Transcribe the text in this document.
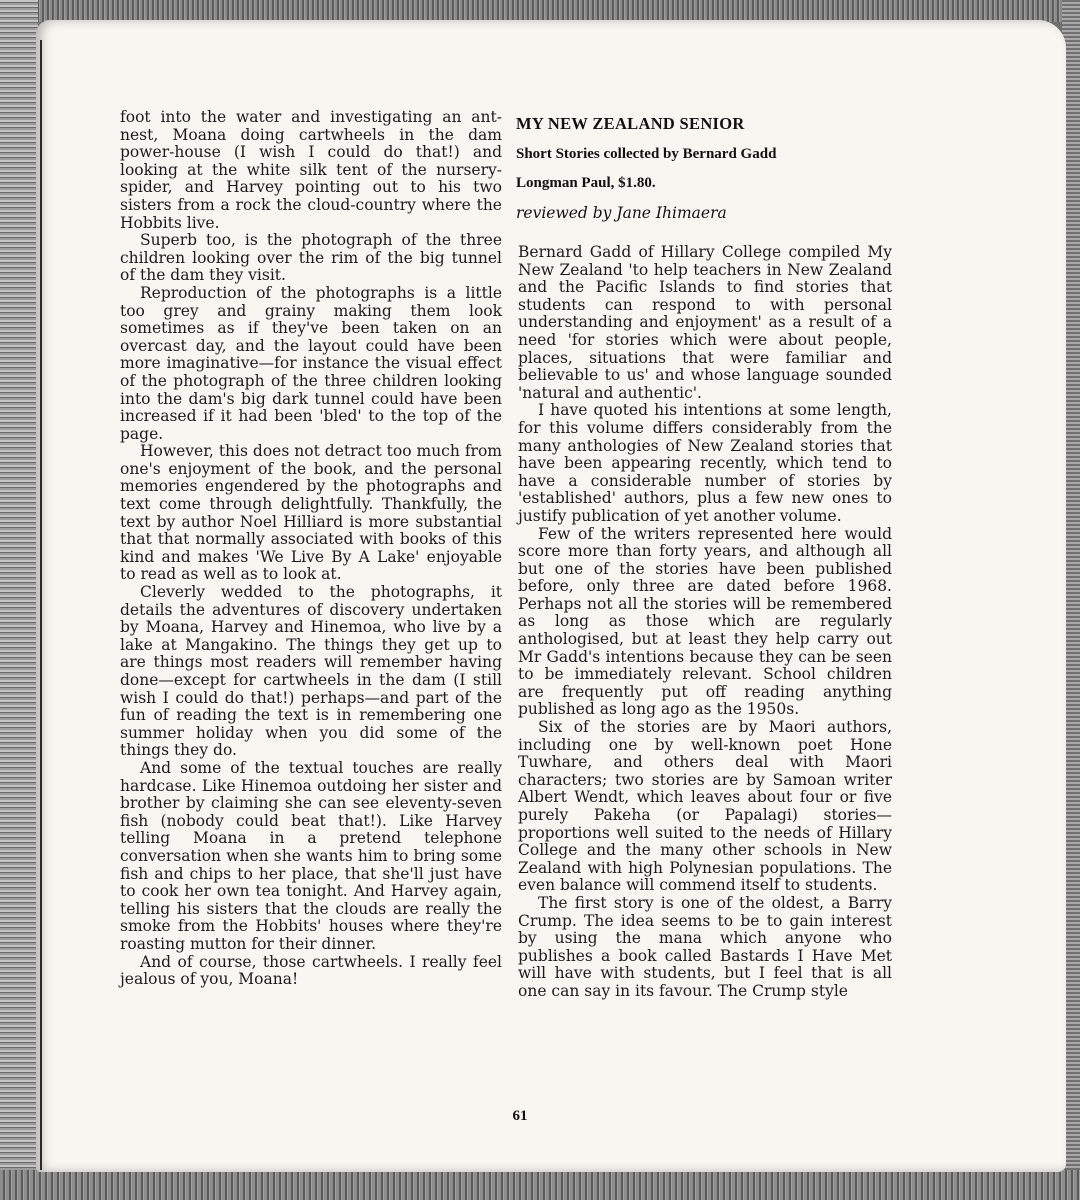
foot into the water and investigating an ant-nest, Moana doing cartwheels in the dam power-house (I wish I could do that!) and looking at the white silk tent of the nursery-spider, and Harvey pointing out to his two sisters from a rock the cloud-country where the Hobbits live.

Superb too, is the photograph of the three children looking over the rim of the big tunnel of the dam they visit.

Reproduction of the photographs is a little too grey and grainy making them look sometimes as if they've been taken on an overcast day, and the layout could have been more imaginative—for instance the visual effect of the photograph of the three children looking into the dam's big dark tunnel could have been increased if it had been 'bled' to the top of the page.

However, this does not detract too much from one's enjoyment of the book, and the personal memories engendered by the photographs and text come through delightfully. Thankfully, the text by author Noel Hilliard is more substantial that that normally associated with books of this kind and makes 'We Live By A Lake' enjoyable to read as well as to look at.

Cleverly wedded to the photographs, it details the adventures of discovery undertaken by Moana, Harvey and Hinemoa, who live by a lake at Mangakino. The things they get up to are things most readers will remember having done—except for cartwheels in the dam (I still wish I could do that!) perhaps—and part of the fun of reading the text is in remembering one summer holiday when you did some of the things they do.

And some of the textual touches are really hardcase. Like Hinemoa outdoing her sister and brother by claiming she can see eleventy-seven fish (nobody could beat that!). Like Harvey telling Moana in a pretend telephone conversation when she wants him to bring some fish and chips to her place, that she'll just have to cook her own tea tonight. And Harvey again, telling his sisters that the clouds are really the smoke from the Hobbits' houses where they're roasting mutton for their dinner.

And of course, those cartwheels. I really feel jealous of you, Moana!

MY NEW ZEALAND SENIOR
Short Stories collected by Bernard Gadd
Longman Paul, $1.80.
reviewed by Jane Ihimaera

Bernard Gadd of Hillary College compiled My New Zealand 'to help teachers in New Zealand and the Pacific Islands to find stories that students can respond to with personal understanding and enjoyment' as a result of a need 'for stories which were about people, places, situations that were familiar and believable to us' and whose language sounded 'natural and authentic'.

I have quoted his intentions at some length, for this volume differs considerably from the many anthologies of New Zealand stories that have been appearing recently, which tend to have a considerable number of stories by 'established' authors, plus a few new ones to justify publication of yet another volume.

Few of the writers represented here would score more than forty years, and although all but one of the stories have been published before, only three are dated before 1968. Perhaps not all the stories will be remembered as long as those which are regularly anthologised, but at least they help carry out Mr Gadd's intentions because they can be seen to be immediately relevant. School children are frequently put off reading anything published as long ago as the 1950s.

Six of the stories are by Maori authors, including one by well-known poet Hone Tuwhare, and others deal with Maori characters; two stories are by Samoan writer Albert Wendt, which leaves about four or five purely Pakeha (or Papalagi) stories—proportions well suited to the needs of Hillary College and the many other schools in New Zealand with high Polynesian populations. The even balance will commend itself to students.

The first story is one of the oldest, a Barry Crump. The idea seems to be to gain interest by using the mana which anyone who publishes a book called Bastards I Have Met will have with students, but I feel that is all one can say in its favour. The Crump style

61
